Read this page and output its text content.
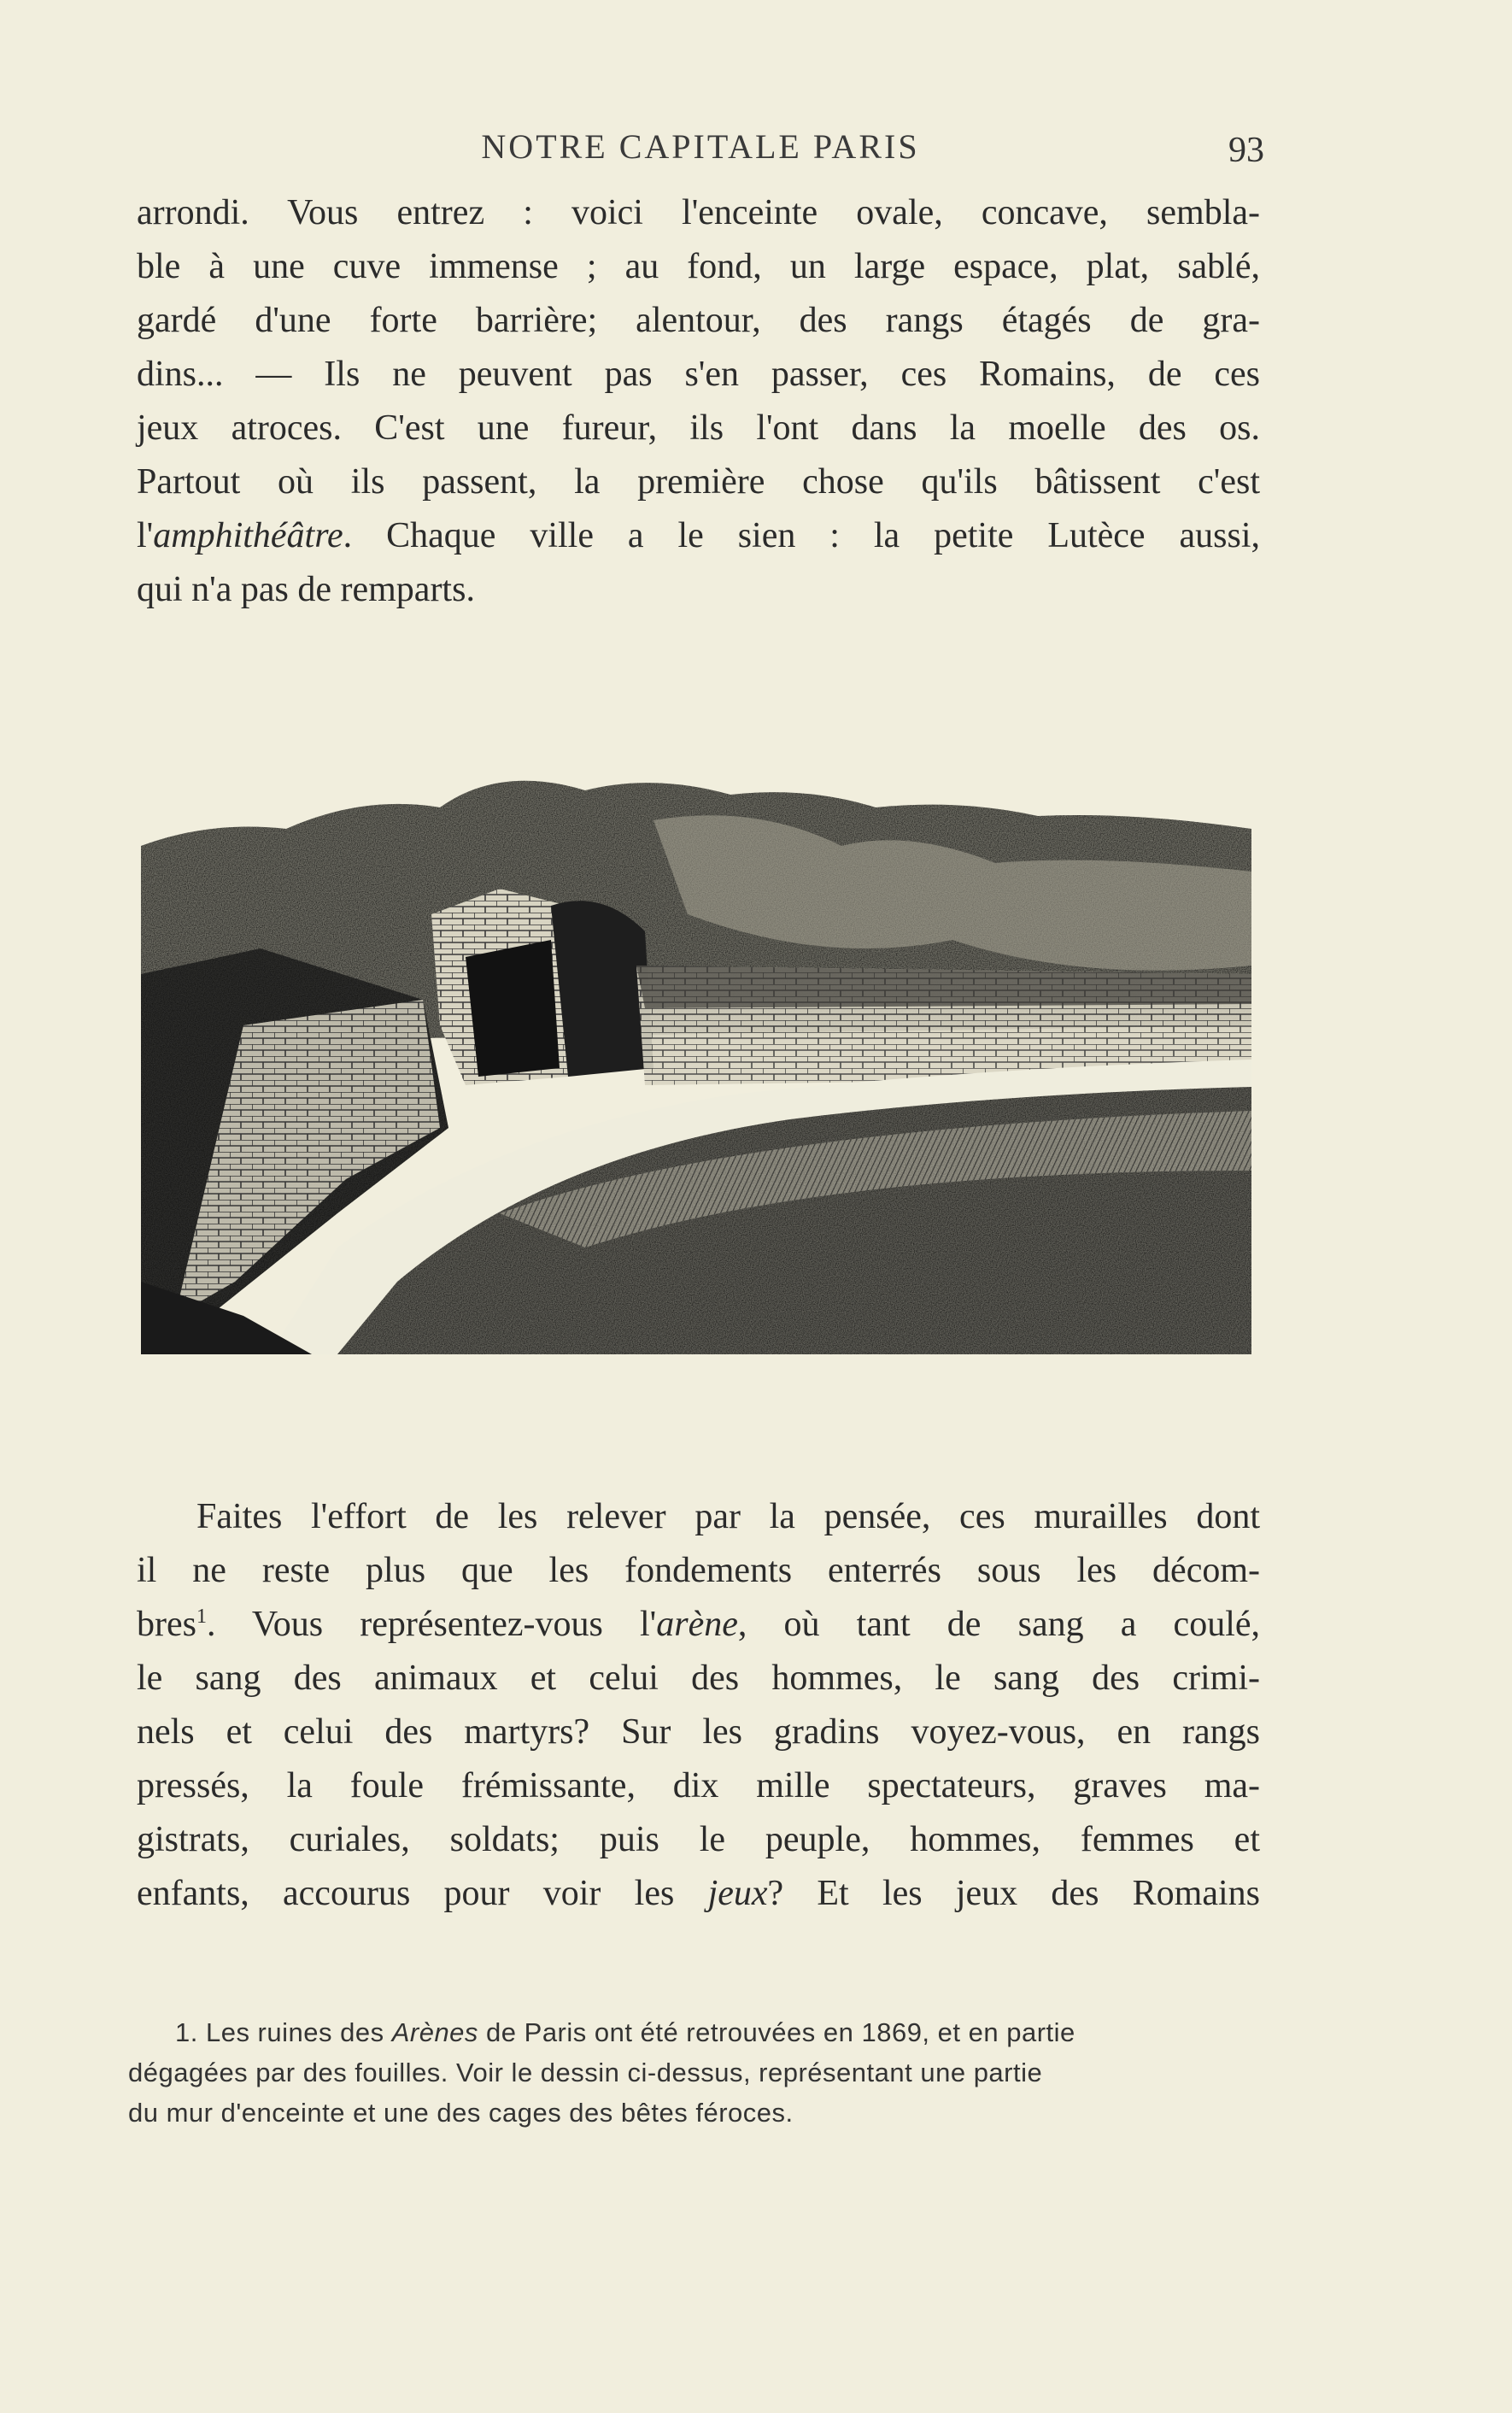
NOTRE CAPITALE PARIS	93
arrondi. Vous entrez : voici l'enceinte ovale, concave, sembla-
ble à une cuve immense ; au fond, un large espace, plat, sablé,
gardé d'une forte barrière; alentour, des rangs étagés de gra-
dins... — Ils ne peuvent pas s'en passer, ces Romains, de ces
jeux atroces. C'est une fureur, ils l'ont dans la moelle des os.
Partout où ils passent, la première chose qu'ils bâtissent c'est
l'amphithéâtre. Chaque ville a le sien : la petite Lutèce aussi,
qui n'a pas de remparts.
Faites l'effort de les relever par la pensée, ces murailles dont
il ne reste plus que les fondements enterrés sous les décom-
bres$^1$. Vous représentez-vous l'arène, où tant de sang a coulé,
le sang des animaux et celui des hommes, le sang des crimi-
nels et celui des martyrs? Sur les gradins voyez-vous, en rangs
pressés, la foule frémissante, dix mille spectateurs, graves ma-
gistrats, curiales, soldats; puis le peuple, hommes, femmes et
enfants, accourus pour voir les jeux? Et les jeux des Romains
1. Les ruines des Arènes de Paris ont été retrouvées en 1869, et en partie
dégagées par des fouilles. Voir le dessin ci-dessus, représentant une partie
du mur d'enceinte et une des cages des bêtes féroces.
